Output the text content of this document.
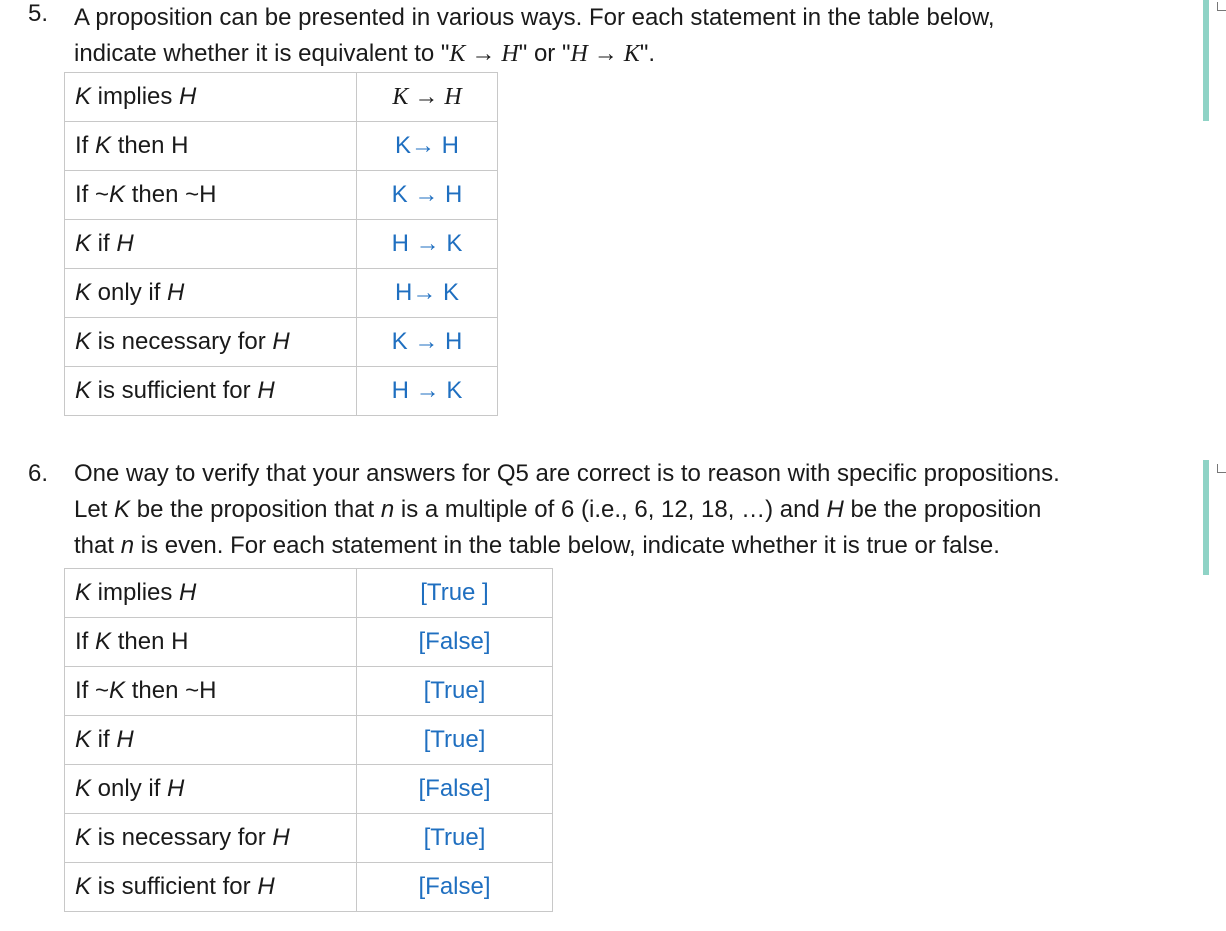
5. A proposition can be presented in various ways. For each statement in the table below,
indicate whether it is equivalent to "K → H" or "H → K".
K implies H	K → H
If K then H	K→ H
If ~K then ~H	K → H
K if H	H → K
K only if H	H→ K
K is necessary for H	K → H
K is sufficient for H	H → K
6. One way to verify that your answers for Q5 are correct is to reason with specific propositions.
Let K be the proposition that n is a multiple of 6 (i.e., 6, 12, 18, …) and H be the proposition
that n is even. For each statement in the table below, indicate whether it is true or false.
K implies H	[True ]
If K then H	[False]
If ~K then ~H	[True]
K if H	[True]
K only if H	[False]
K is necessary for H	[True]
K is sufficient for H	[False]
